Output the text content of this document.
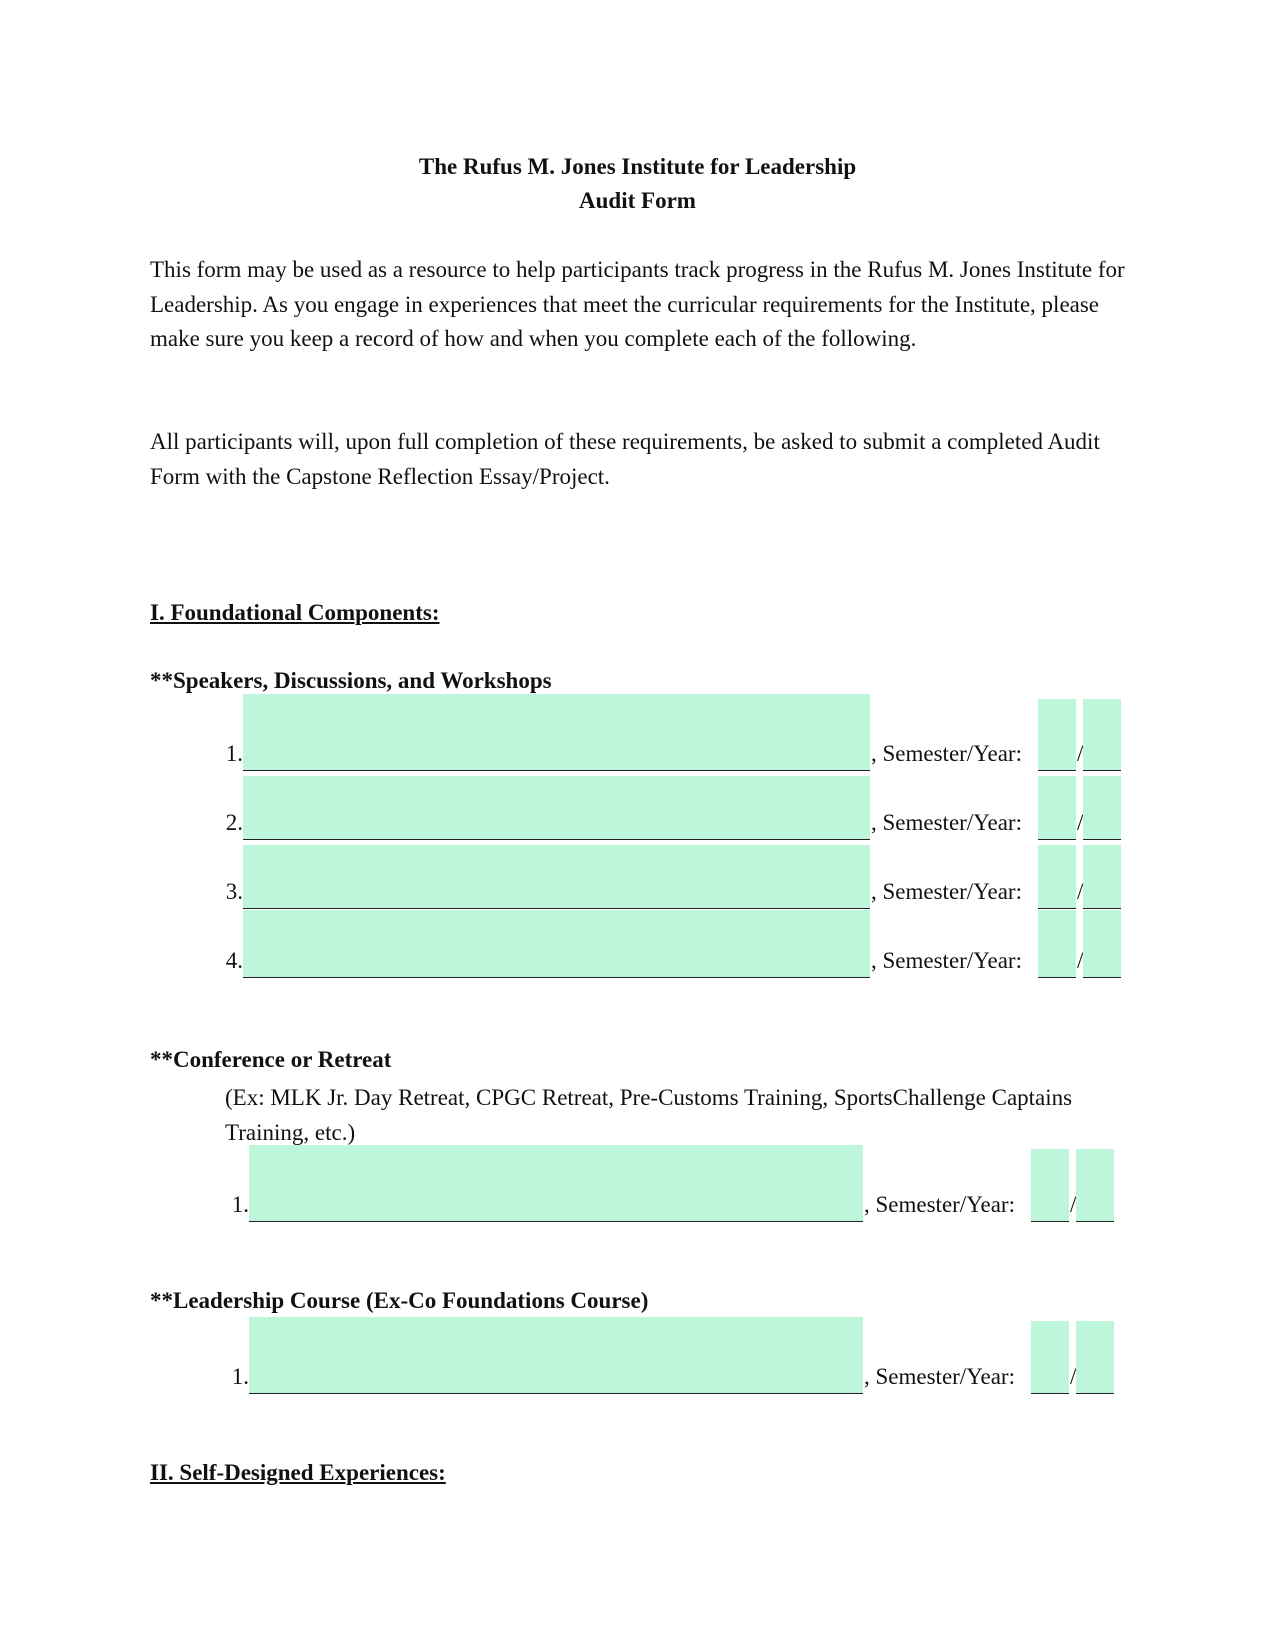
The Rufus M. Jones Institute for Leadership
Audit Form

This form may be used as a resource to help participants track progress in the Rufus M. Jones Institute for Leadership. As you engage in experiences that meet the curricular requirements for the Institute, please make sure you keep a record of how and when you complete each of the following.

All participants will, upon full completion of these requirements, be asked to submit a completed Audit Form with the Capstone Reflection Essay/Project.

I. Foundational Components:
**Speakers, Discussions, and Workshops
1.	, Semester/Year: /
2.	, Semester/Year: /
3.	, Semester/Year: /
4.	, Semester/Year: /
**Conference or Retreat
(Ex: MLK Jr. Day Retreat, CPGC Retreat, Pre-Customs Training, SportsChallenge Captains Training, etc.)
1.	, Semester/Year: /
**Leadership Course (Ex-Co Foundations Course)
1.	, Semester/Year: /
II. Self-Designed Experiences:
